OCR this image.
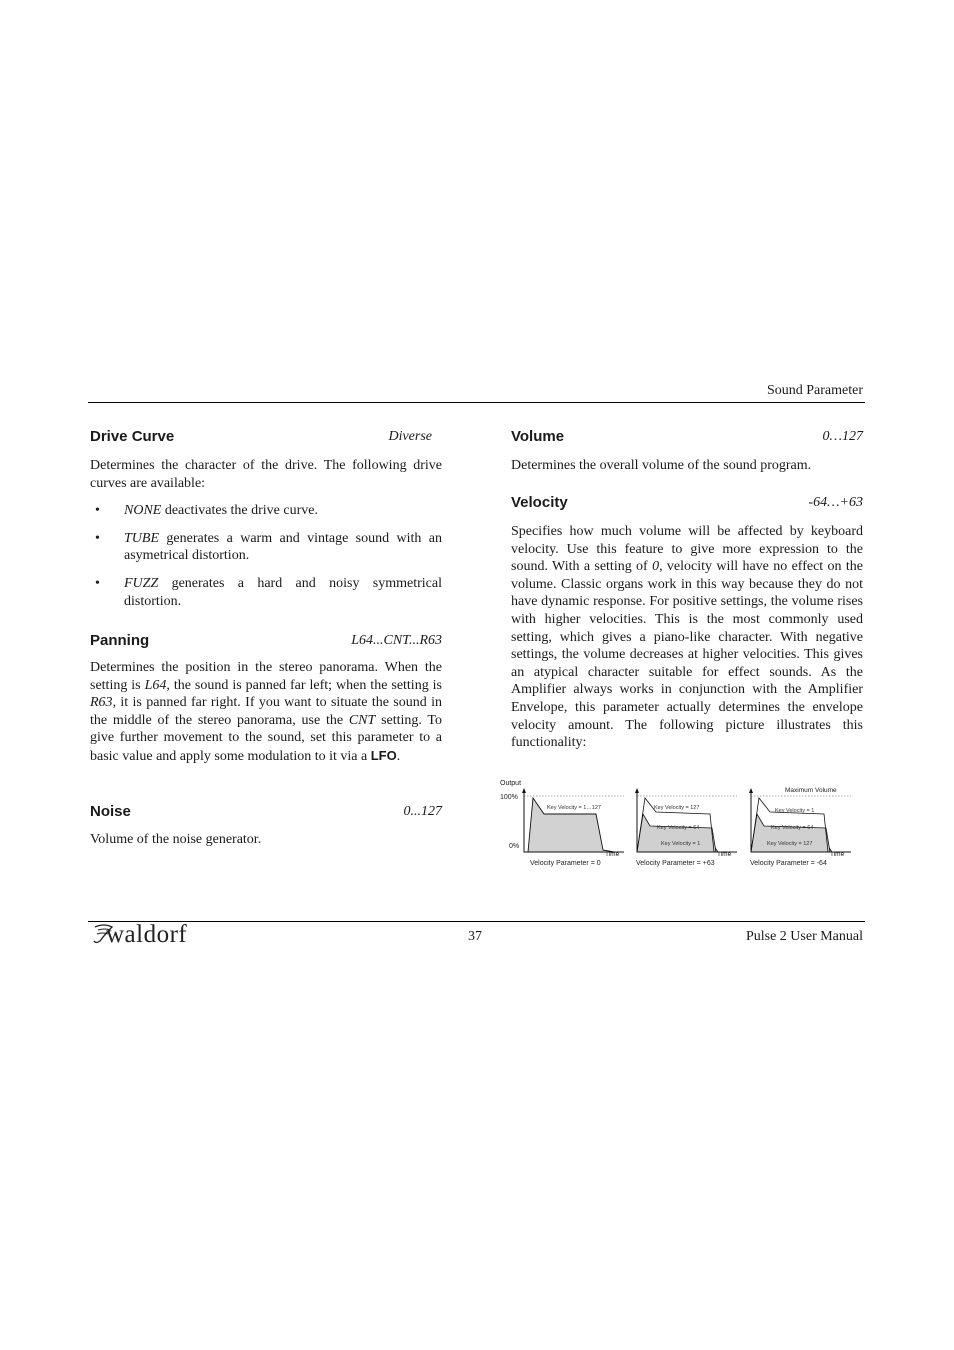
Sound Parameter
Drive Curve	Diverse

Determines the character of the drive. The following drive curves are available:

• NONE deactivates the drive curve.
• TUBE generates a warm and vintage sound with an asymetrical distortion.
• FUZZ generates a hard and noisy symmetrical distortion.
Panning	L64...CNT...R63

Determines the position in the stereo panorama. When the setting is L64, the sound is panned far left; when the setting is R63, it is panned far right. If you want to situate the sound in the middle of the stereo panorama, use the CNT setting. To give further movement to the sound, set this parameter to a basic value and apply some modulation to it via a LFO.

Noise	0...127

Volume of the noise generator.

Volume	0…127

Determines the overall volume of the sound program.

Velocity	-64…+63

Specifies how much volume will be affected by keyboard velocity. Use this feature to give more expression to the sound. With a setting of 0, velocity will have no effect on the volume. Classic organs work in this way because they do not have dynamic response. For positive settings, the volume rises with higher velocities. This is the most commonly used setting, which gives a piano-like character. With negative settings, the volume decreases at higher velocities. This gives an atypical character suitable for effect sounds. As the Amplifier always works in conjunction with the Amplifier Envelope, this parameter actually determines the envelope velocity amount. The following picture illustrates this functionality:

Output
100%
0%
Key Velocity = 1…127
Time
Velocity Parameter = 0
Key Velocity = 127
Key Velocity = 64
Key Velocity = 1
Time
Velocity Parameter = +63
Maximum Volume
Key Velocity = 1
Key Velocity = 64
Key Velocity = 127
Time
Velocity Parameter = -64
waldorf	37	Pulse 2 User Manual
